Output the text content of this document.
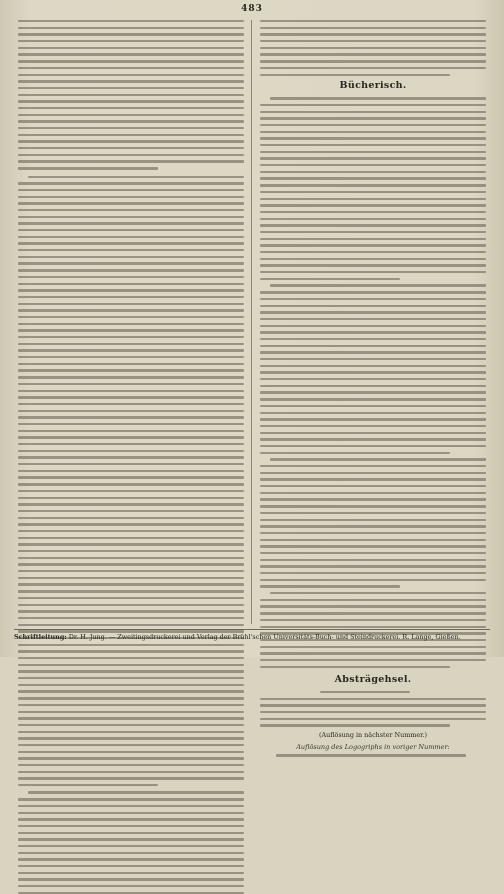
483
Bücherisch.
Absträgehsel.
(Auflösung in nächster Nummer.)
Auflösung des Logogriphs in voriger Nummer:
Schriftleitung: Dr. H. Jung. — Zweitingsdruckerei und Verlag der Brühl'schen Universitäts-Buch- und Steindruckerei. R. Lange, Gießen.
